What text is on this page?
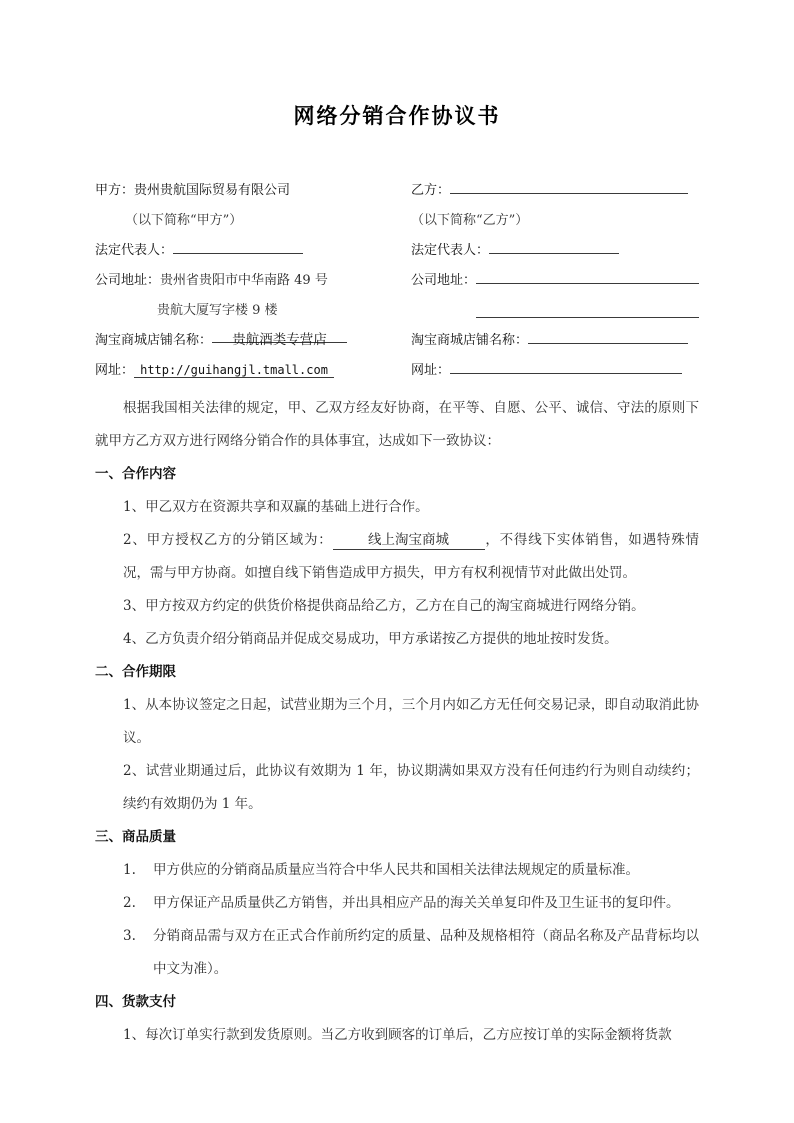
网络分销合作协议书
甲方： 贵州贵航国际贸易有限公司	乙方：
（以下简称“甲方”）	（以下简称“乙方”）
法定代表人：	法定代表人：
公司地址： 贵州省贵阳市中华南路 49 号	公司地址：
贵航大厦写字楼 9 楼
淘宝商城店铺名称：	贵航酒类专营店	淘宝商城店铺名称：
网址： http://guihangjl.tmall.com	网址：
根据我国相关法律的规定，甲、乙双方经友好协商，在平等、自愿、公平、诚信、守法的原则下就甲方乙方双方进行网络分销合作的具体事宜，达成如下一致协议：
一、合作内容
1、甲乙双方在资源共享和双赢的基础上进行合作。
2、甲方授权乙方的分销区域为：	线上淘宝商城	，不得线下实体销售，如遇特殊情况，需与甲方协商。如擅自线下销售造成甲方损失，甲方有权利视情节对此做出处罚。
3、甲方按双方约定的供货价格提供商品给乙方，乙方在自己的淘宝商城进行网络分销。
4、乙方负责介绍分销商品并促成交易成功，甲方承诺按乙方提供的地址按时发货。
二、合作期限
1、从本协议签定之日起，试营业期为三个月，三个月内如乙方无任何交易记录，即自动取消此协议。
2、试营业期通过后，此协议有效期为 1 年，协议期满如果双方没有任何违约行为则自动续约；续约有效期仍为 1 年。
三、商品质量
1.	甲方供应的分销商品质量应当符合中华人民共和国相关法律法规规定的质量标准。
2.	甲方保证产品质量供乙方销售，并出具相应产品的海关关单复印件及卫生证书的复印件。
3.	分销商品需与双方在正式合作前所约定的质量、品种及规格相符（商品名称及产品背标均以中文为准）。
四、货款支付
1、每次订单实行款到发货原则。当乙方收到顾客的订单后，乙方应按订单的实际金额将货款
